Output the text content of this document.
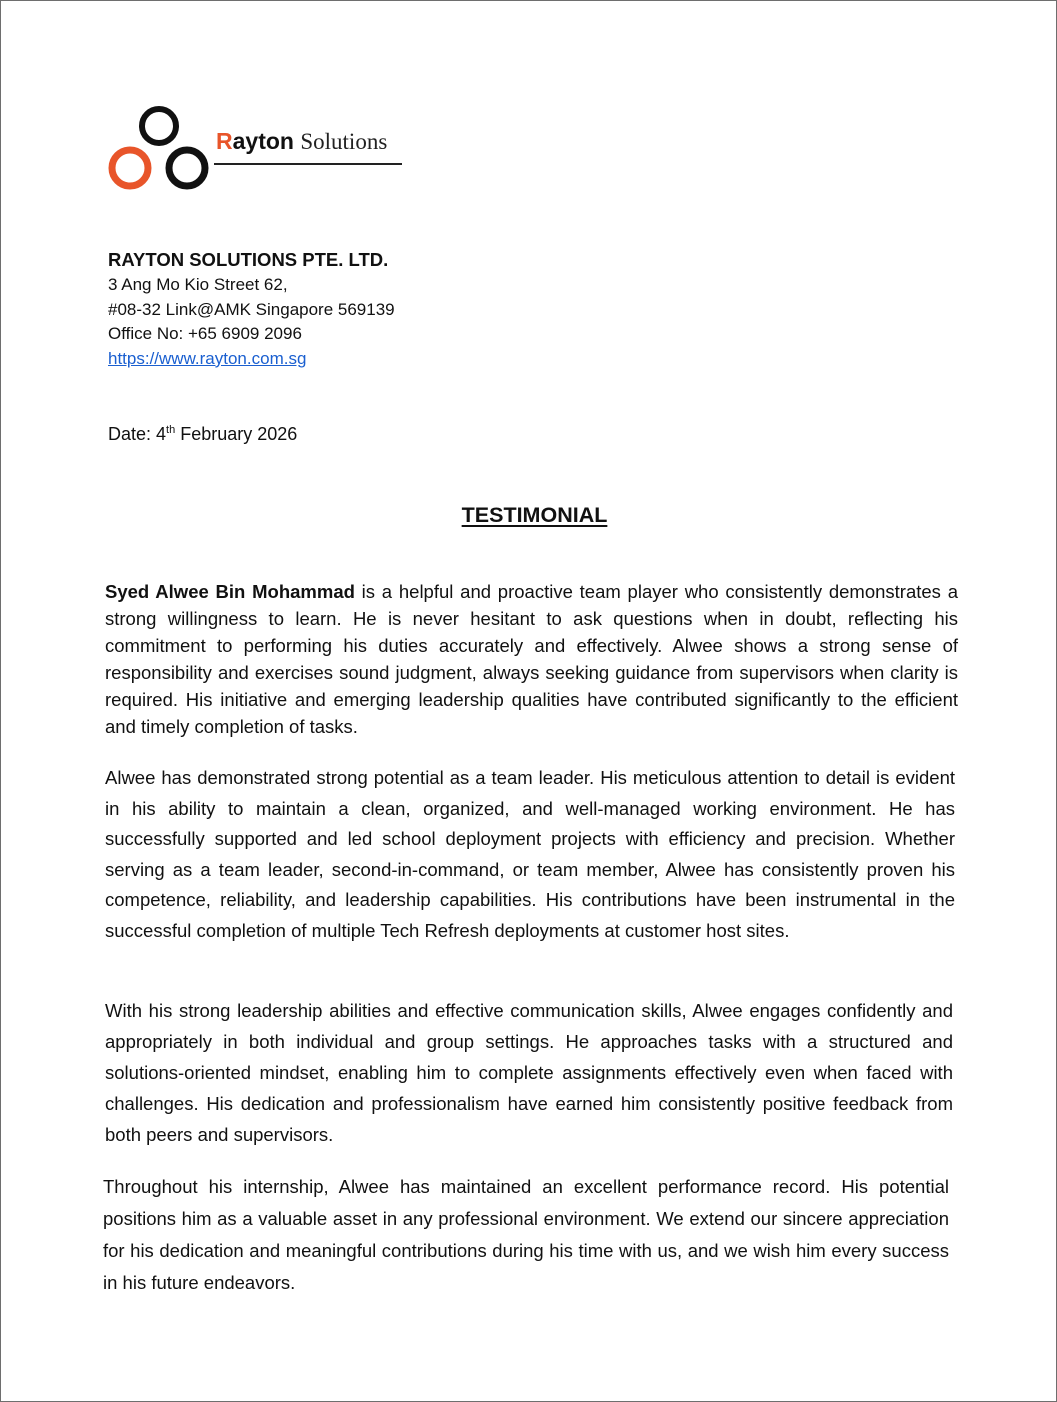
Rayton Solutions
RAYTON SOLUTIONS PTE. LTD.
3 Ang Mo Kio Street 62,
#08-32 Link@AMK Singapore 569139
Office No: +65 6909 2096
https://www.rayton.com.sg
Date: 4th February 2026
TESTIMONIAL

Syed Alwee Bin Mohammad is a helpful and proactive team player who consistently demonstrates a strong willingness to learn. He is never hesitant to ask questions when in doubt, reflecting his commitment to performing his duties accurately and effectively. Alwee shows a strong sense of responsibility and exercises sound judgment, always seeking guidance from supervisors when clarity is required. His initiative and emerging leadership qualities have contributed significantly to the efficient and timely completion of tasks.

Alwee has demonstrated strong potential as a team leader. His meticulous attention to detail is evident in his ability to maintain a clean, organized, and well-managed working environment. He has successfully supported and led school deployment projects with efficiency and precision. Whether serving as a team leader, second-in-command, or team member, Alwee has consistently proven his competence, reliability, and leadership capabilities. His contributions have been instrumental in the successful completion of multiple Tech Refresh deployments at customer host sites.

With his strong leadership abilities and effective communication skills, Alwee engages confidently and appropriately in both individual and group settings. He approaches tasks with a structured and solutions-oriented mindset, enabling him to complete assignments effectively even when faced with challenges. His dedication and professionalism have earned him consistently positive feedback from both peers and supervisors.

Throughout his internship, Alwee has maintained an excellent performance record. His potential positions him as a valuable asset in any professional environment. We extend our sincere appreciation for his dedication and meaningful contributions during his time with us, and we wish him every success in his future endeavors.
